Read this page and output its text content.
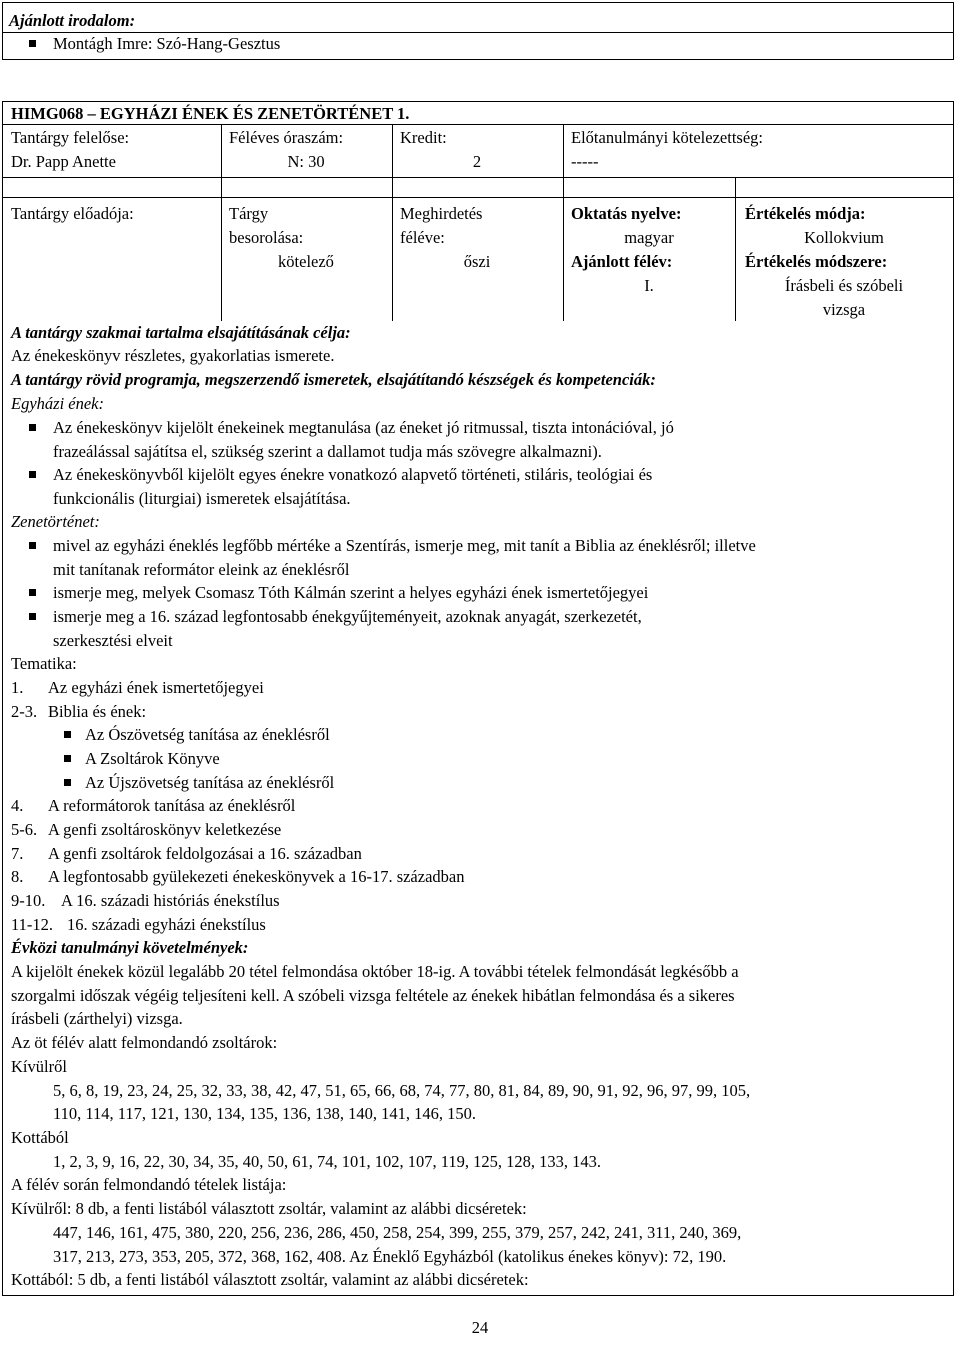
Ajánlott irodalom:
Montágh Imre: Szó-Hang-Gesztus
HIMG068 – EGYHÁZI ÉNEK ÉS ZENETÖRTÉNET 1.
Tantárgy felelőse:
Dr. Papp Anette
Féléves óraszám:
N: 30
Kredit:
2
Előtanulmányi kötelezettség:
-----
Tantárgy előadója:	Tárgy
besorolása:
kötelező
Meghirdetés
féléve:
őszi
Oktatás nyelve:
magyar
Ajánlott félév:
I.
Értékelés módja:
Kollokvium
Értékelés módszere:
Írásbeli és szóbeli
vizsga
A tantárgy szakmai tartalma elsajátításának célja:
Az énekeskönyv részletes, gyakorlatias ismerete.
A tantárgy rövid programja, megszerzendő ismeretek, elsajátítandó készségek és kompetenciák:
Egyházi ének:
Az énekeskönyv kijelölt énekeinek megtanulása (az éneket jó ritmussal, tiszta intonációval, jó
frazeálással sajátítsa el, szükség szerint a dallamot tudja más szövegre alkalmazni).
Az énekeskönyvből kijelölt egyes énekre vonatkozó alapvető történeti, stiláris, teológiai és
funkcionális (liturgiai) ismeretek elsajátítása.
Zenetörténet:
mivel az egyházi éneklés legfőbb mértéke a Szentírás, ismerje meg, mit tanít a Biblia az éneklésről; illetve
mit tanítanak reformátor eleink az éneklésről
ismerje meg, melyek Csomasz Tóth Kálmán szerint a helyes egyházi ének ismertetőjegyei
ismerje meg a 16. század legfontosabb énekgyűjteményeit, azoknak anyagát, szerkezetét,
szerkesztési elveit
Tematika:
1. Az egyházi ének ismertetőjegyei
2-3. Biblia és ének:
Az Ószövetség tanítása az éneklésről
A Zsoltárok Könyve
Az Újszövetség tanítása az éneklésről
4. A reformátorok tanítása az éneklésről
5-6. A genfi zsoltároskönyv keletkezése
7. A genfi zsoltárok feldolgozásai a 16. században
8. A legfontosabb gyülekezeti énekeskönyvek a 16-17. században
9-10. A 16. századi históriás énekstílus
11-12. 16. századi egyházi énekstílus
Évközi tanulmányi követelmények:
A kijelölt énekek közül legalább 20 tétel felmondása október 18-ig. A további tételek felmondását legkésőbb a
szorgalmi időszak végéig teljesíteni kell. A szóbeli vizsga feltétele az énekek hibátlan felmondása és a sikeres
írásbeli (zárthelyi) vizsga.
Az öt félév alatt felmondandó zsoltárok:
Kívülről
5, 6, 8, 19, 23, 24, 25, 32, 33, 38, 42, 47, 51, 65, 66, 68, 74, 77, 80, 81, 84, 89, 90, 91, 92, 96, 97, 99, 105,
110, 114, 117, 121, 130, 134, 135, 136, 138, 140, 141, 146, 150.
Kottából
1, 2, 3, 9, 16, 22, 30, 34, 35, 40, 50, 61, 74, 101, 102, 107, 119, 125, 128, 133, 143.
A félév során felmondandó tételek listája:
Kívülről: 8 db, a fenti listából választott zsoltár, valamint az alábbi dicséretek:
447, 146, 161, 475, 380, 220, 256, 236, 286, 450, 258, 254, 399, 255, 379, 257, 242, 241, 311, 240, 369,
317, 213, 273, 353, 205, 372, 368, 162, 408. Az Éneklő Egyházból (katolikus énekes könyv): 72, 190.
Kottából: 5 db, a fenti listából választott zsoltár, valamint az alábbi dicséretek:
24
